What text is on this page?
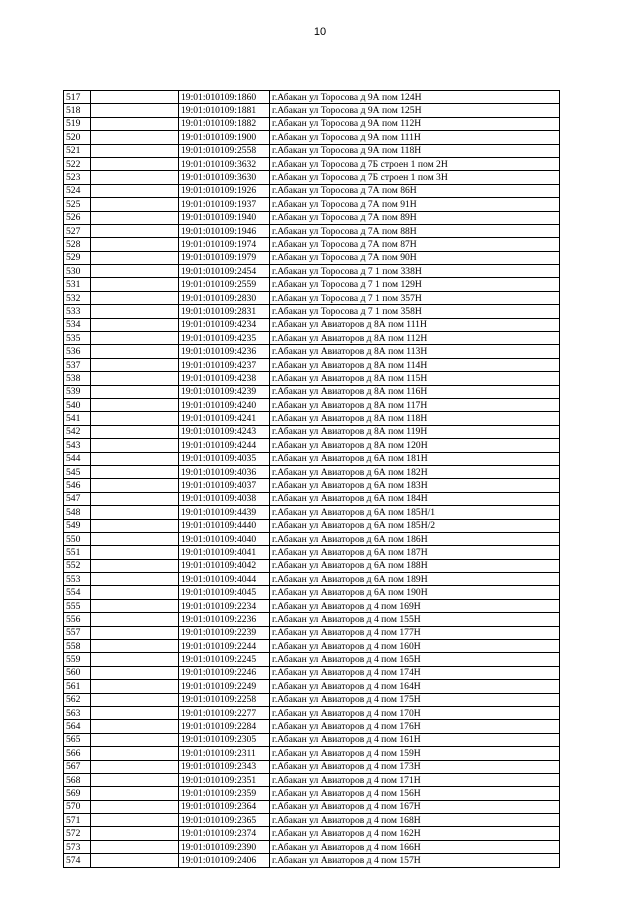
10
517		19:01:010109:1860	г.Абакан ул Торосова д 9А пом 124Н
518		19:01:010109:1881	г.Абакан ул Торосова д 9А пом 125Н
519		19:01:010109:1882	г.Абакан ул Торосова д 9А пом 112Н
520		19:01:010109:1900	г.Абакан ул Торосова д 9А пом 111Н
521		19:01:010109:2558	г.Абакан ул Торосова д 9А пом 118Н
522		19:01:010109:3632	г.Абакан ул Торосова д 7Б строен 1 пом 2Н
523		19:01:010109:3630	г.Абакан ул Торосова д 7Б строен 1 пом 3Н
524		19:01:010109:1926	г.Абакан ул Торосова д 7А пом 86Н
525		19:01:010109:1937	г.Абакан ул Торосова д 7А пом 91Н
526		19:01:010109:1940	г.Абакан ул Торосова д 7А пом 89Н
527		19:01:010109:1946	г.Абакан ул Торосова д 7А пом 88Н
528		19:01:010109:1974	г.Абакан ул Торосова д 7А пом 87Н
529		19:01:010109:1979	г.Абакан ул Торосова д 7А пом 90Н
530		19:01:010109:2454	г.Абакан ул Торосова д 7 1 пом 338Н
531		19:01:010109:2559	г.Абакан ул Торосова д 7 1 пом 129Н
532		19:01:010109:2830	г.Абакан ул Торосова д 7 1 пом 357Н
533		19:01:010109:2831	г.Абакан ул Торосова д 7 1 пом 358Н
534		19:01:010109:4234	г.Абакан ул Авиаторов д 8А пом 111Н
535		19:01:010109:4235	г.Абакан ул Авиаторов д 8А пом 112Н
536		19:01:010109:4236	г.Абакан ул Авиаторов д 8А пом 113Н
537		19:01:010109:4237	г.Абакан ул Авиаторов д 8А пом 114Н
538		19:01:010109:4238	г.Абакан ул Авиаторов д 8А пом 115Н
539		19:01:010109:4239	г.Абакан ул Авиаторов д 8А пом 116Н
540		19:01:010109:4240	г.Абакан ул Авиаторов д 8А пом 117Н
541		19:01:010109:4241	г.Абакан ул Авиаторов д 8А пом 118Н
542		19:01:010109:4243	г.Абакан ул Авиаторов д 8А пом 119Н
543		19:01:010109:4244	г.Абакан ул Авиаторов д 8А пом 120Н
544		19:01:010109:4035	г.Абакан ул Авиаторов д 6А пом 181Н
545		19:01:010109:4036	г.Абакан ул Авиаторов д 6А пом 182Н
546		19:01:010109:4037	г.Абакан ул Авиаторов д 6А пом 183Н
547		19:01:010109:4038	г.Абакан ул Авиаторов д 6А пом 184Н
548		19:01:010109:4439	г.Абакан ул Авиаторов д 6А пом 185Н/1
549		19:01:010109:4440	г.Абакан ул Авиаторов д 6А пом 185Н/2
550		19:01:010109:4040	г.Абакан ул Авиаторов д 6А пом 186Н
551		19:01:010109:4041	г.Абакан ул Авиаторов д 6А пом 187Н
552		19:01:010109:4042	г.Абакан ул Авиаторов д 6А пом 188Н
553		19:01:010109:4044	г.Абакан ул Авиаторов д 6А пом 189Н
554		19:01:010109:4045	г.Абакан ул Авиаторов д 6А пом 190Н
555		19:01:010109:2234	г.Абакан ул Авиаторов д 4 пом 169Н
556		19:01:010109:2236	г.Абакан ул Авиаторов д 4 пом 155Н
557		19:01:010109:2239	г.Абакан ул Авиаторов д 4 пом 177Н
558		19:01:010109:2244	г.Абакан ул Авиаторов д 4 пом 160Н
559		19:01:010109:2245	г.Абакан ул Авиаторов д 4 пом 165Н
560		19:01:010109:2246	г.Абакан ул Авиаторов д 4 пом 174Н
561		19:01:010109:2249	г.Абакан ул Авиаторов д 4 пом 164Н
562		19:01:010109:2258	г.Абакан ул Авиаторов д 4 пом 175Н
563		19:01:010109:2277	г.Абакан ул Авиаторов д 4 пом 170Н
564		19:01:010109:2284	г.Абакан ул Авиаторов д 4 пом 176Н
565		19:01:010109:2305	г.Абакан ул Авиаторов д 4 пом 161Н
566		19:01:010109:2311	г.Абакан ул Авиаторов д 4 пом 159Н
567		19:01:010109:2343	г.Абакан ул Авиаторов д 4 пом 173Н
568		19:01:010109:2351	г.Абакан ул Авиаторов д 4 пом 171Н
569		19:01:010109:2359	г.Абакан ул Авиаторов д 4 пом 156Н
570		19:01:010109:2364	г.Абакан ул Авиаторов д 4 пом 167Н
571		19:01:010109:2365	г.Абакан ул Авиаторов д 4 пом 168Н
572		19:01:010109:2374	г.Абакан ул Авиаторов д 4 пом 162Н
573		19:01:010109:2390	г.Абакан ул Авиаторов д 4 пом 166Н
574		19:01:010109:2406	г.Абакан ул Авиаторов д 4 пом 157Н
